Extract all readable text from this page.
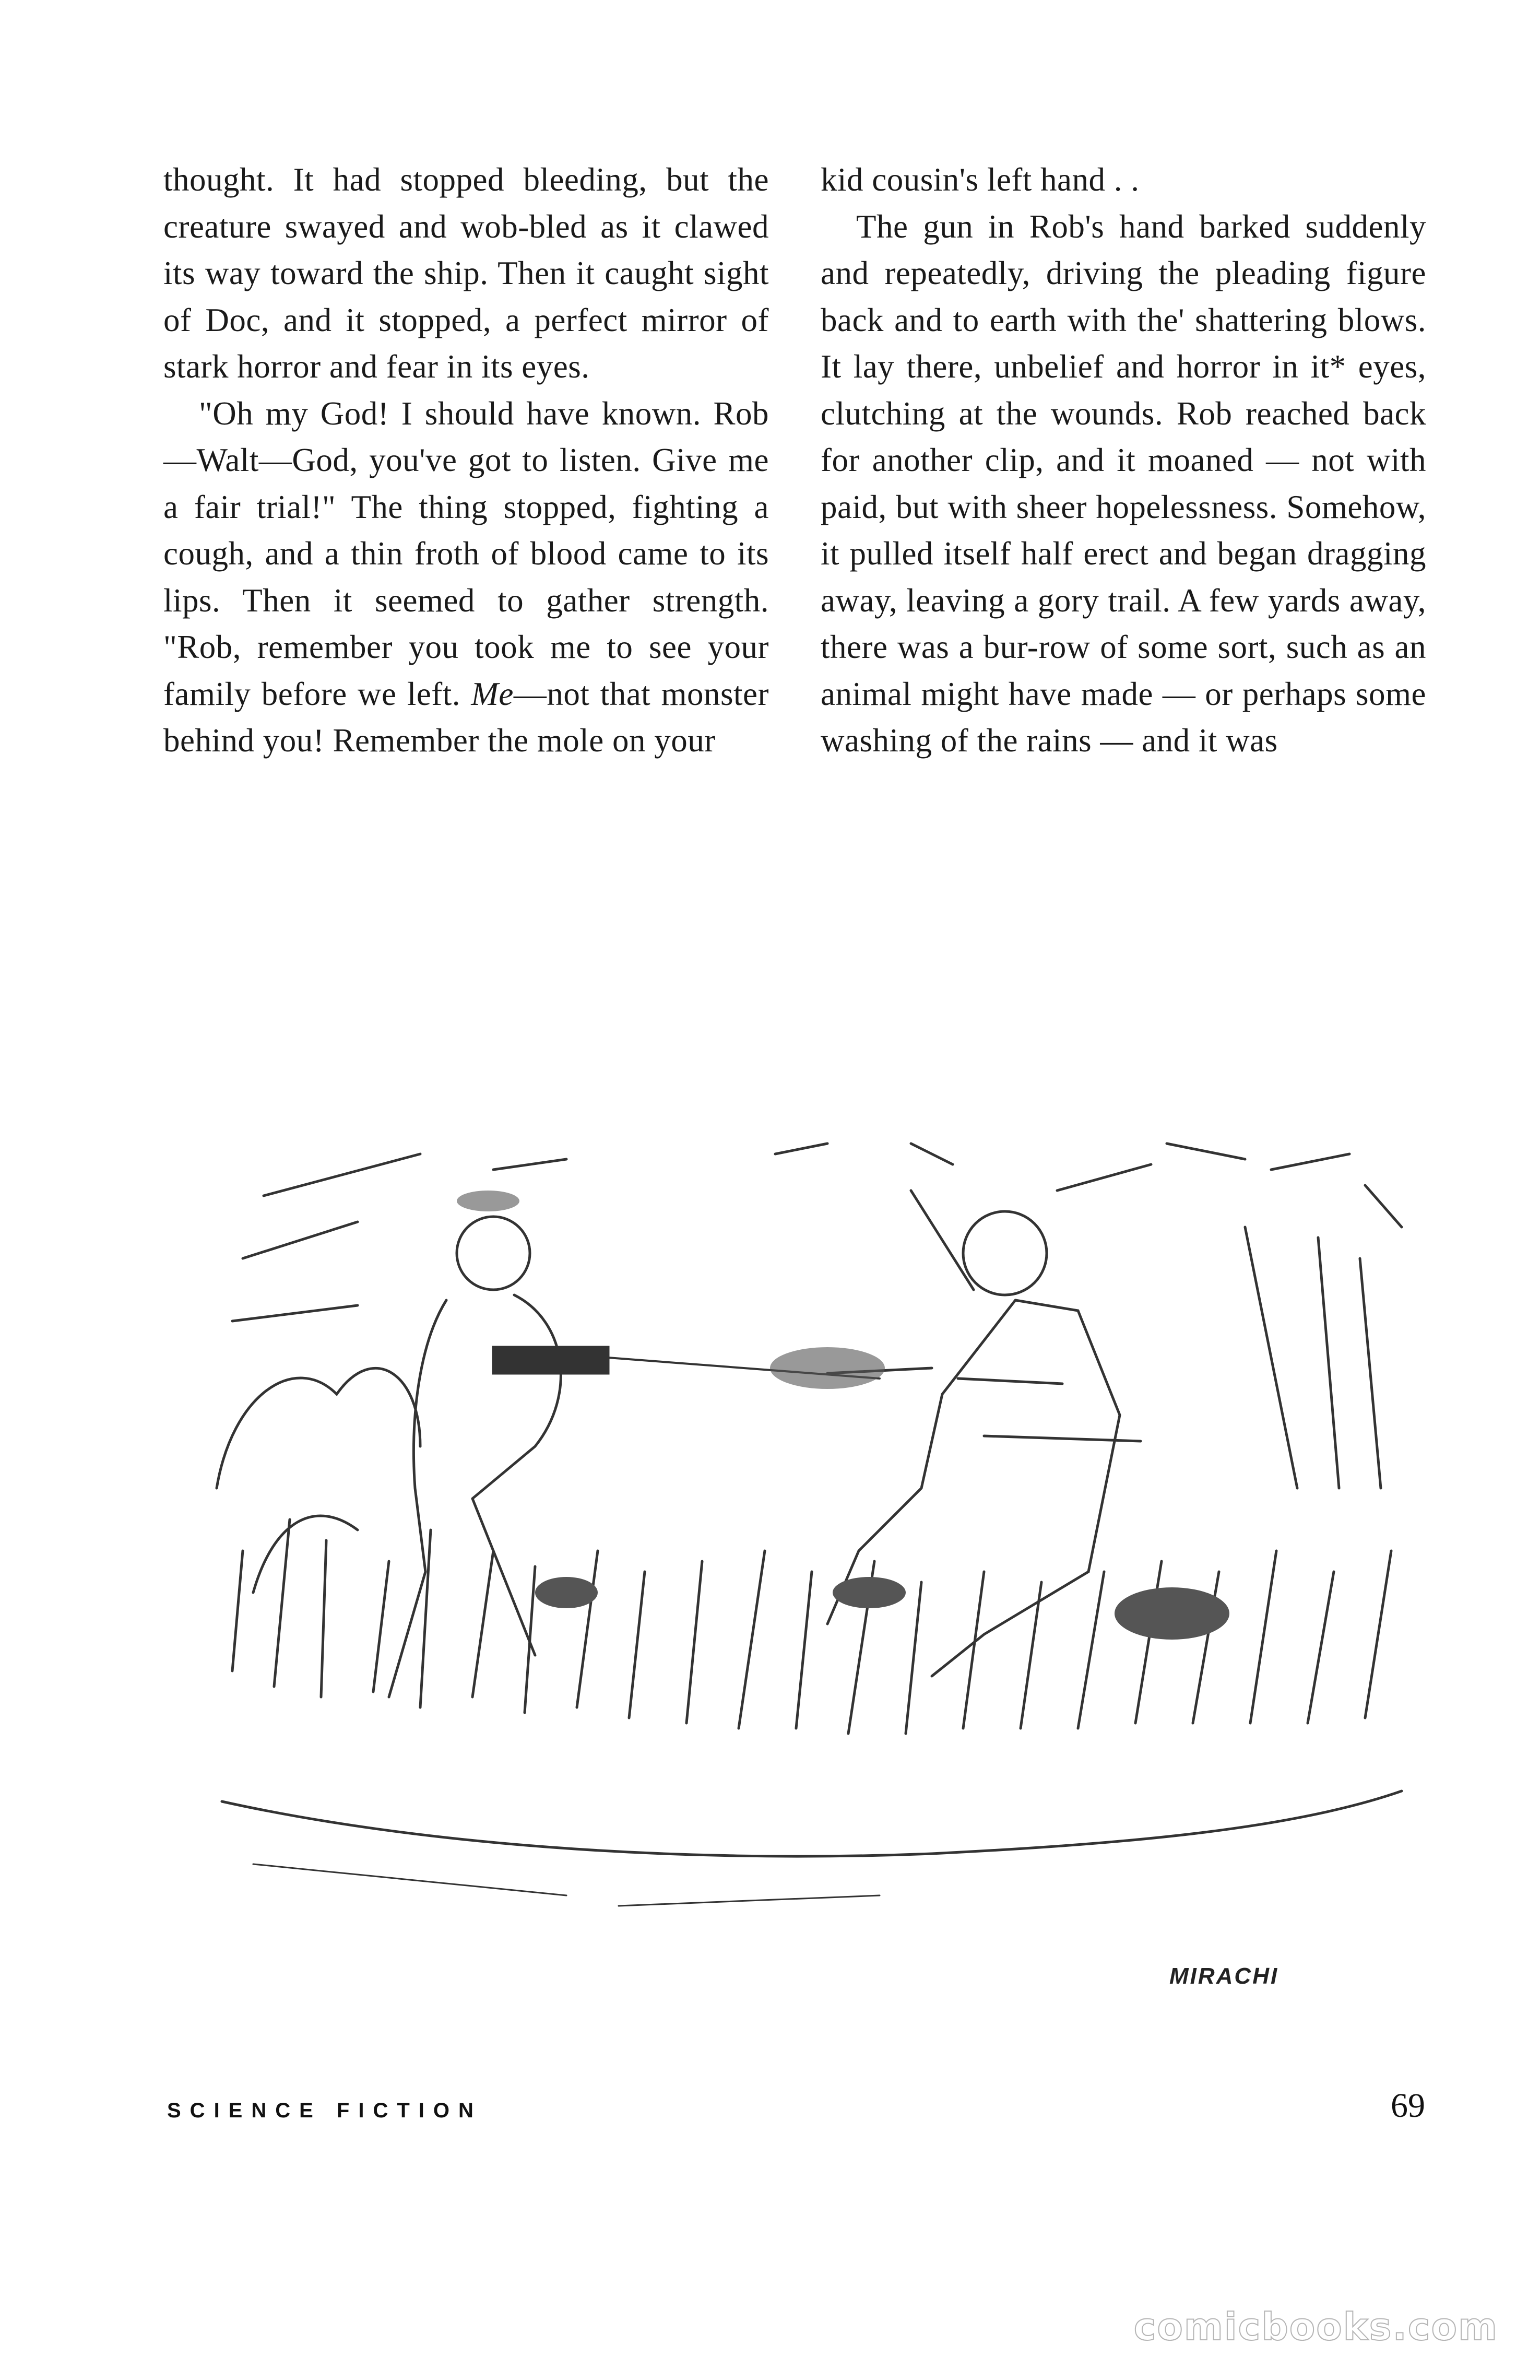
thought. It had stopped bleeding, but the creature swayed and wob-bled as it clawed its way toward the ship. Then it caught sight of Doc, and it stopped, a perfect mirror of stark horror and fear in its eyes.

"Oh my God! I should have known. Rob—Walt—God, you've got to listen. Give me a fair trial!" The thing stopped, fighting a cough, and a thin froth of blood came to its lips. Then it seemed to gather strength. "Rob, remember you took me to see your family before we left. Me—not that monster behind you! Remember the mole on your

kid cousin's left hand . .

The gun in Rob's hand barked suddenly and repeatedly, driving the pleading figure back and to earth with the' shattering blows. It lay there, unbelief and horror in it* eyes, clutching at the wounds. Rob reached back for another clip, and it moaned — not with paid, but with sheer hopelessness. Somehow, it pulled itself half erect and began dragging away, leaving a gory trail. A few yards away, there was a bur-row of some sort, such as an animal might have made — or perhaps some washing of the rains — and it was

MIRACHI
SCIENCE FICTION	69
comicbooks.com
